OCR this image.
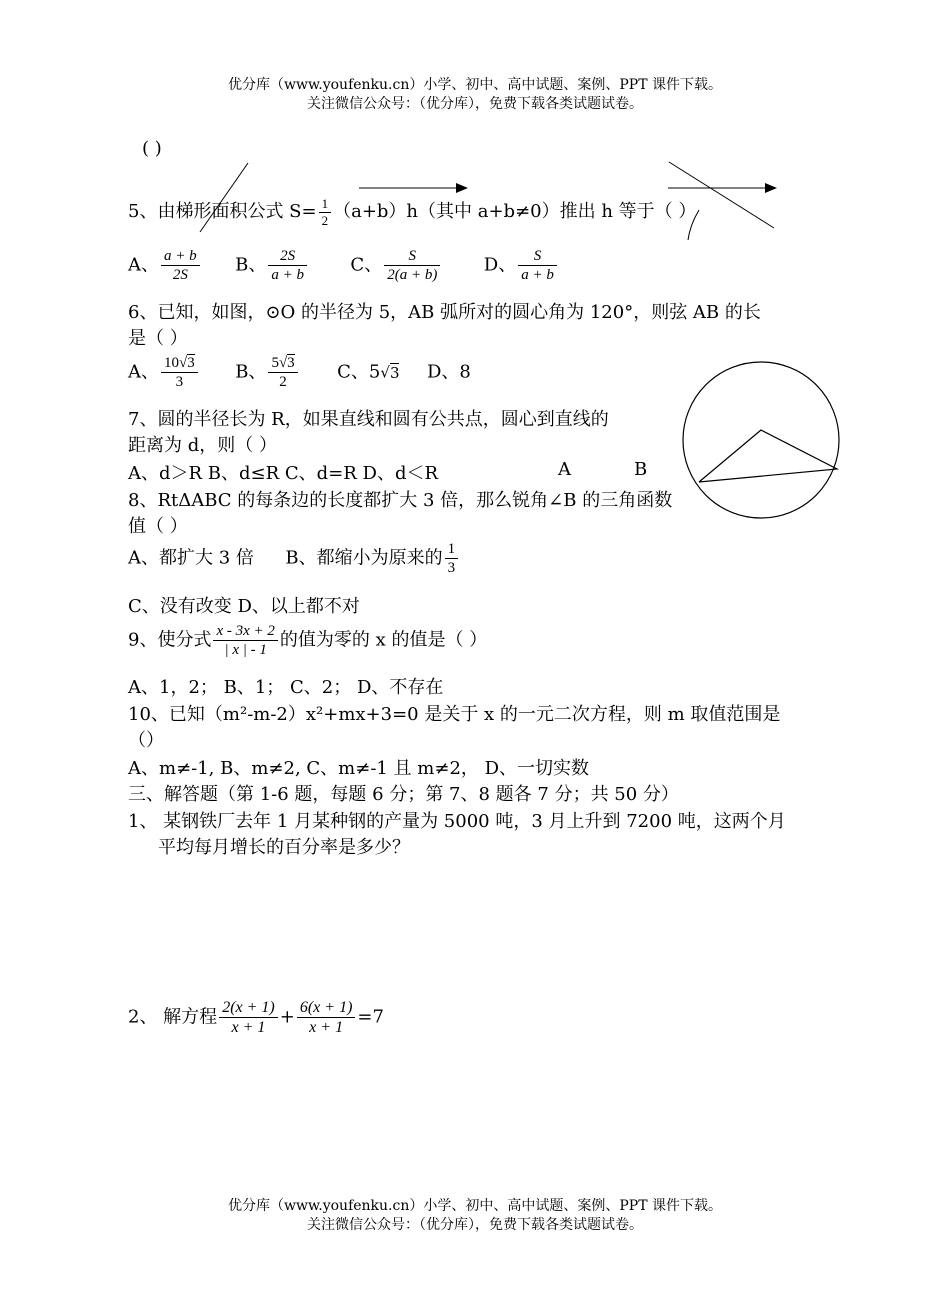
优分库（www.youfenku.cn）小学、初中、高中试题、案例、PPT 课件下载。
关注微信公众号：（优分库），免费下载各类试题试卷。
( )
5、由梯形面积公式 $S= \frac{1}{2} (a+b)h$（其中 a+b≠0）推出 h 等于（ ）
A、 $\frac{a + b}{2S}$ B、 $\frac{2S}{a + b}$ C、 $\frac{S}{2(a + b)}$ D、 $\frac{S}{a + b}$
6、已知，如图，⊙O 的半径为 5，AB 弧所对的圆心角为 120°，则弦 AB 的长
是（ ）
A、 $\frac{10√3}{3}$ B、 $\frac{5√3}{2}$ C、5√3 D、8
7、圆的半径长为 R，如果直线和圆有公共点，圆心到直线的
距离为 d，则（ ）
A、d＞R B、d≤R C、d=R D、d＜R	A	B
8、RtΔABC 的每条边的长度都扩大 3 倍，那么锐角∠B 的三角函数
值（ ）
A、都扩大 3 倍 B、都缩小为原来的 $\frac{1}{3}$
C、没有改变 D、以上都不对
9、使分式 $\frac{x - 3x + 2}{| x | - 1}$ 的值为零的 x 的值是（ ）
A、1，2； B、1； C、2； D、不存在
10、已知（m²-m-2）x²+mx+3=0 是关于 x 的一元二次方程，则 m 取值范围是
（）
A、m≠-1, B、m≠2, C、m≠-1 且 m≠2， D、一切实数
三、解答题（第 1-6 题，每题 6 分；第 7、8 题各 7 分；共 50 分）
1、 某钢铁厂去年 1 月某种钢的产量为 5000 吨，3 月上升到 7200 吨，这两个月
平均每月增长的百分率是多少？
2、 解方程 $\frac{2(x + 1)}{x + 1} + \frac{6(x + 1)}{x + 1} =7$
优分库（www.youfenku.cn）小学、初中、高中试题、案例、PPT 课件下载。
关注微信公众号：（优分库），免费下载各类试题试卷。
